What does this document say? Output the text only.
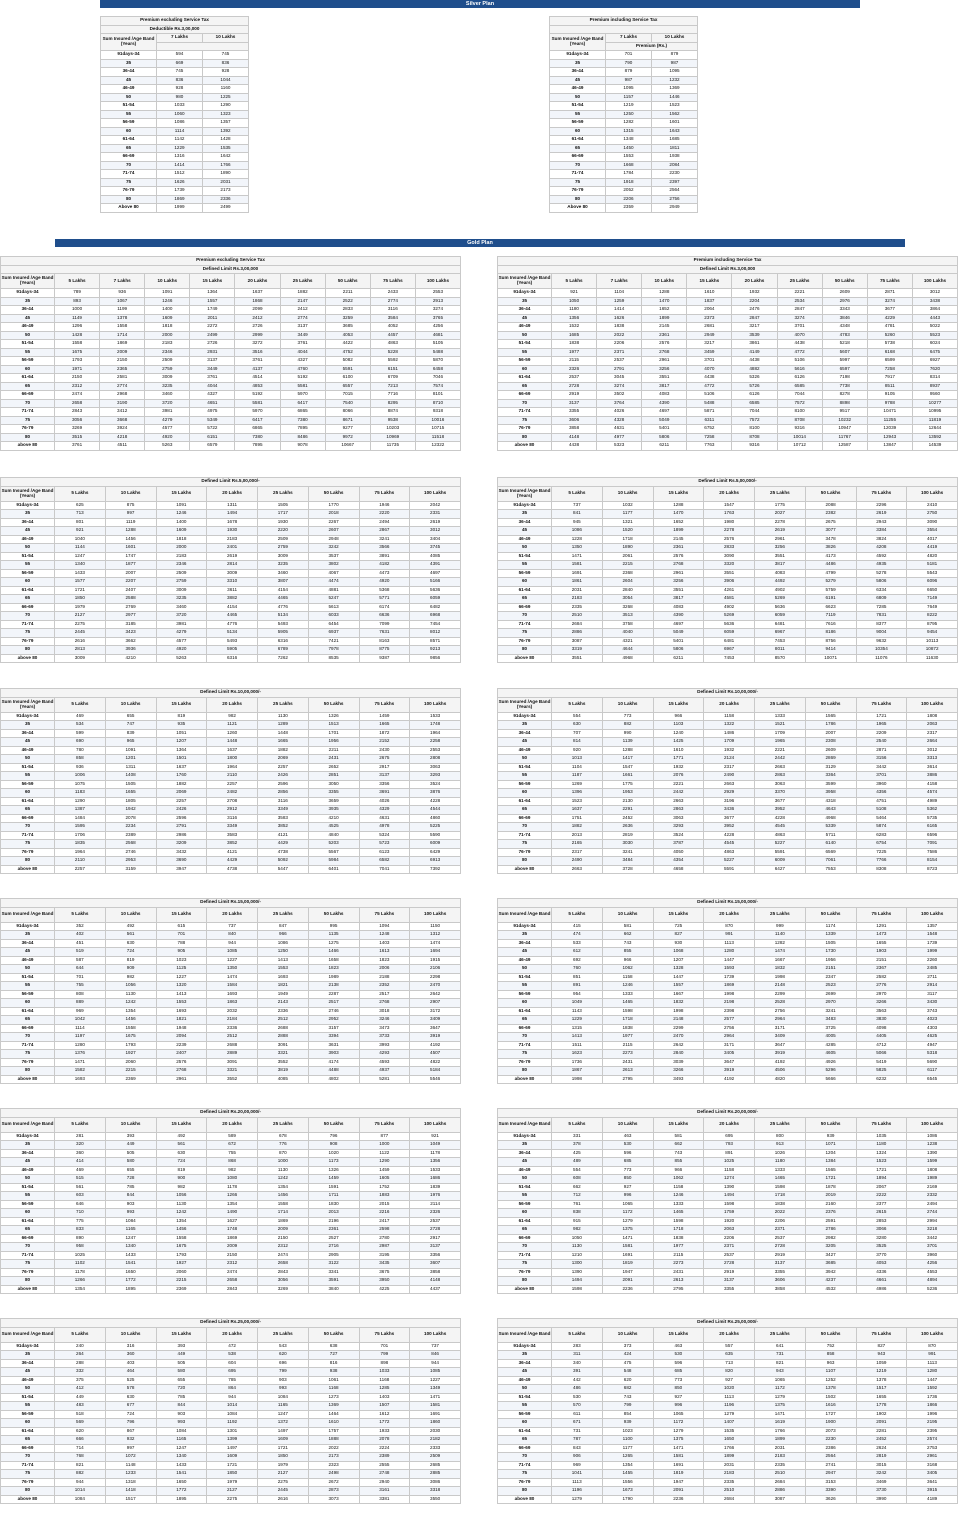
Silver Plan
Gold Plan
Premium excluding Service Tax		
Deductible Rs.3,00,000		
Sum Insured /Age Band (Years)	7 Lakhs	10 Lakhs

91days-34	594	745
35	669	836
36-44	745	928
45	836	1044
46-49	928	1160
50	980	1225
51-54	1033	1290
55	1060	1323
56-59	1086	1357
60	1114	1392
61-64	1142	1428
65	1229	1535
66-69	1316	1642
70	1414	1766
71-74	1512	1890
75	1626	2031
76-79	1739	2173
80	1869	2336
Above 80	1999	2499
Premium including Service Tax		

Sum Insured /Age Band (Years)	7 Lakhs	10 Lakhs
	Premium (Rs.)	
91days-34	701	879
35	790	987
36-44	879	1095
45	987	1232
46-49	1095	1369
50	1157	1446
51-54	1219	1523
55	1250	1562
56-59	1282	1601
60	1315	1643
61-64	1348	1685
65	1450	1811
66-69	1553	1938
70	1668	2084
71-74	1784	2230
75	1918	2397
76-79	2052	2564
80	2206	2756
Above 80	2359	2949
Premium excluding Service Tax									
Defined Limit Rs.3,00,000									
Sum Insured /Age Band (Years)	5 Lakhs	7 Lakhs	10 Lakhs	15 Lakhs	20 Lakhs	25 Lakhs	50 Lakhs	75 Lakhs	100 Lakhs
91days-34	789	936	1091	1364	1637	1882	2211	2433	2553
35	893	1067	1246	1557	1868	2147	2522	2774	2913
36-44	1000	1199	1400	1749	2099	2412	2833	3116	3274
45	1149	1378	1609	2011	2412	2774	3259	3584	3765
46-49	1296	1558	1818	2272	2726	3137	3685	4052	4256
50	1428	1714	2000	2499	2999	3449	4053	4457	4681
51-54	1558	1869	2183	2726	3272	3761	4422	4863	5105
55	1675	2009	2346	2931	3516	4044	4752	5228	5488
56-59	1793	2150	2509	3137	3761	4327	5082	5592	5870
60	1971	2365	2759	3449	4137	4760	5591	6151	6458
61-64	2150	2581	3009	3761	4514	5192	6100	6709	7046
65	2312	2774	3235	4044	4853	5581	6557	7213	7574
66-69	2474	2968	3460	4327	5192	5970	7015	7716	8101
70	2658	3190	3720	4651	5581	6417	7540	8295	8710
71-74	2843	3412	3981	4975	5970	6865	8066	8874	9318
75	3056	3668	4279	5349	6417	7380	8671	9538	10016
76-79	3269	3924	4577	5722	6865	7895	9277	10203	10715
80	3515	4218	4920	6151	7380	8486	9972	10969	11518
above 80	3761	4511	5263	6579	7895	9078	10667	11735	12322
Premium including Service Tax									
Defined Limit Rs.3,00,000									
Sum Insured /Age Band (Years)	5 Lakhs	7 Lakhs	10 Lakhs	15 Lakhs	20 Lakhs	25 Lakhs	50 Lakhs	75 Lakhs	100 Lakhs
91days-34	921	1104	1288	1610	1932	2221	2609	2871	3012
35	1050	1259	1470	1837	2204	2534	2976	3274	3438
36-44	1180	1414	1652	2064	2476	2847	3343	3677	3864
45	1356	1626	1899	2373	2847	3274	3846	4229	4443
46-49	1532	1838	2145	2681	3217	3701	4348	4781	5022
50	1685	2022	2361	2949	3539	4070	4783	5260	5523
51-54	1838	2206	2576	3217	3861	4438	5218	5738	6024
55	1977	2371	2768	3459	4149	4772	5607	6168	6475
56-59	2115	2537	2961	3701	4438	5106	5997	6599	6927
60	2326	2791	3256	4070	4882	5616	6597	7258	7620
61-64	2537	3045	3551	4438	5326	6126	7198	7917	8314
65	2728	3274	3817	4772	5726	6585	7738	8511	8937
66-69	2919	3502	4083	5106	6126	7044	8278	9105	9560
70	3137	3764	4390	5488	6585	7572	8898	9788	10277
71-74	3355	4026	4697	5871	7044	8100	9517	10471	10995
75	3606	4328	5049	6311	7572	8708	10232	11255	11819
76-79	3858	4631	5401	6752	8100	9316	10947	12039	12644
80	4148	4977	5806	7258	8708	10014	11767	12943	13592
above 80	4438	5323	6211	7763	9316	10712	12587	13847	14539
Defined Limit Rs.5,00,000/-								
Sum Insured /Age Band (Years)	5 Lakhs	10 Lakhs	15 Lakhs	20 Lakhs	25 Lakhs	50 Lakhs	75 Lakhs	100 Lakhs
91days-34	625	875	1091	1311	1505	1770	1946	2042
35	713	997	1246	1494	1717	2018	2220	2331
36-44	801	1119	1400	1678	1930	2267	2494	2619
45	921	1288	1609	1930	2220	2607	2867	3012
46-49	1040	1456	1818	2183	2509	2948	3241	3404
50	1144	1601	2000	2401	2759	3242	3566	3745
51-54	1247	1747	2183	2619	3009	3537	3891	4085
55	1340	1877	2346	2814	3235	3802	4182	4391
56-59	1433	2007	2509	3009	3460	4067	4473	4697
60	1577	2207	2759	3310	3807	4474	4920	5166
61-64	1721	2407	3009	3611	4154	4881	5368	5636
65	1850	2588	3235	3882	4465	5247	5771	6059
66-69	1979	2769	3460	4154	4776	5613	6174	6482
70	2127	2977	3720	4465	5134	6033	6636	6968
71-74	2275	3185	3981	4776	5493	6454	7099	7454
75	2445	3423	4279	5134	5905	6937	7631	8012
76-79	2616	3662	4577	5493	6316	7421	8163	8571
80	2813	3936	4920	5905	6789	7978	8775	9213
above 80	3009	4210	5263	6316	7262	8535	9387	9856
Defined Limit Rs.5,00,000/-								
Sum Insured /Age Band (Years)	5 Lakhs	10 Lakhs	15 Lakhs	20 Lakhs	25 Lakhs	50 Lakhs	75 Lakhs	100 Lakhs
91days-34	737	1032	1288	1547	1775	2088	2296	2410
35	841	1177	1470	1763	2027	2382	2619	2750
36-44	945	1321	1652	1980	2278	2675	2943	3090
45	1086	1520	1899	2278	2619	3077	3384	3554
46-49	1228	1718	2145	2576	2961	3478	3824	4017
50	1350	1890	2361	2833	3256	3826	4208	4419
51-54	1471	2061	2576	3090	3551	4173	4592	4820
55	1581	2215	2768	3320	3817	4486	4935	5181
56-59	1691	2368	2961	3551	4083	4799	5278	5543
60	1861	2604	3256	3906	4492	5279	5806	6096
61-64	2031	2840	3551	4261	4902	5759	6334	6650
65	2183	3054	3817	4581	5269	6191	6809	7149
66-69	2335	3268	4083	4902	5636	6623	7285	7649
70	2510	3513	4390	5269	6059	7119	7831	8222
71-74	2684	3758	4697	5636	6481	7616	8377	8795
75	2886	4040	5049	6059	6967	8186	9004	9454
76-79	3087	4321	5401	6481	7453	8756	9632	10113
80	3319	4644	5806	6967	8011	9414	10354	10872
above 80	3551	4968	6211	7453	8570	10071	11076	11630
Defined Limit Rs.10,00,000/-								
Sum Insured /Age Band (Years)	5 Lakhs	10 Lakhs	15 Lakhs	20 Lakhs	25 Lakhs	50 Lakhs	75 Lakhs	100 Lakhs
91days-34	469	655	819	982	1130	1326	1459	1533
35	534	747	935	1121	1289	1513	1665	1748
36-44	599	839	1051	1260	1448	1701	1872	1964
45	690	965	1207	1448	1665	1956	2152	2258
46-49	780	1091	1364	1637	1882	2211	2430	2553
50	858	1201	1501	1800	2069	2431	2675	2808
51-54	936	1311	1637	1964	2257	2652	2917	3063
55	1006	1408	1760	2110	2426	2851	3137	3293
56-59	1075	1505	1882	2257	2596	3050	3356	3524
60	1183	1655	2069	2482	2856	3355	3691	3876
61-64	1290	1805	2257	2708	3116	3659	4026	4228
65	1387	1942	2426	2912	3349	3935	4329	4544
66-69	1484	2078	2596	3116	3583	4210	4631	4860
70	1595	2234	2791	3349	3852	4525	4978	5225
71-74	1706	2389	2986	3583	4121	4840	5324	5590
75	1835	2568	3209	3852	4429	5203	5723	6009
76-79	1964	2746	3432	4121	4738	5567	6123	6429
80	2110	2953	3690	4429	5092	5984	6582	6913
above 80	2257	3159	3947	4738	5447	6401	7041	7392
Defined Limit Rs.10,00,000/-								
Sum Insured /Age Band (Years)	5 Lakhs	10 Lakhs	15 Lakhs	20 Lakhs	25 Lakhs	50 Lakhs	75 Lakhs	100 Lakhs
91days-34	554	773	966	1158	1333	1565	1721	1808
35	630	882	1103	1322	1521	1786	1965	2063
36-44	707	990	1240	1486	1709	2007	2209	2317
45	814	1139	1425	1709	1965	2308	2540	2664
46-49	920	1288	1610	1932	2221	2609	2871	3012
50	1013	1417	1771	2124	2442	2869	3156	3313
51-54	1104	1547	1932	2317	2663	3129	3442	3614
55	1187	1661	2076	2490	2863	3364	3701	3886
56-59	1269	1775	2221	2663	3063	3599	3960	4158
60	1396	1953	2442	2929	3370	3958	4356	4574
61-64	1523	2130	2663	3196	3677	4318	4751	4989
65	1637	2291	2863	3436	3952	4643	5108	5362
66-69	1751	2452	3063	3677	4228	4968	5464	5735
70	1882	2636	3293	3952	4545	5339	5874	6165
71-74	2013	2819	3524	4228	4863	5711	6283	6596
75	2165	3030	3787	4545	5227	6140	6754	7091
76-79	2317	3241	4050	4863	5591	6569	7225	7586
80	2490	3484	4354	5227	6009	7061	7766	8154
above 80	2663	3728	4658	5591	6427	7553	8308	8723
Defined Limit Rs.15,00,000/-								
Sum Insured /Age Band	5 Lakhs	10 Lakhs	15 Lakhs	20 Lakhs	25 Lakhs	50 Lakhs	75 Lakhs	100 Lakhs
91days-34	352	492	615	737	847	995	1094	1150
35	402	561	701	840	966	1135	1248	1312
36-44	451	630	788	944	1086	1275	1403	1474
45	519	724	905	1085	1250	1466	1613	1694
46-49	587	819	1023	1227	1413	1658	1823	1915
50	644	909	1125	1350	1553	1823	2006	2106
51-54	701	982	1227	1474	1693	1989	2188	2298
55	755	1056	1320	1584	1821	2138	2352	2470
56-59	808	1130	1413	1693	1949	2287	2517	2642
60	889	1242	1553	1863	2143	2517	2768	2907
61-64	969	1354	1693	2032	2336	2746	3018	3172
65	1042	1456	1821	2184	2512	2952	3246	3409
66-69	1114	1558	1948	2336	2688	3157	3473	3647
70	1197	1675	2094	2512	2888	3394	3733	3919
71-74	1280	1793	2239	2688	3091	3631	3993	4192
75	1376	1927	2407	2889	3321	3903	4293	4507
76-79	1471	2060	2576	3091	3552	4174	4593	4822
80	1582	2215	2768	3321	3819	4488	4937	5184
above 80	1693	2369	2961	3552	4085	4802	5281	5546
Defined Limit Rs.15,00,000/-								
Sum Insured /Age Band	5 Lakhs	10 Lakhs	15 Lakhs	20 Lakhs	25 Lakhs	50 Lakhs	75 Lakhs	100 Lakhs
91days-34	415	581	725	870	999	1174	1291	1357
35	474	662	827	991	1140	1339	1473	1548
36-44	533	743	930	1113	1282	1505	1655	1739
45	612	855	1068	1280	1474	1730	1903	1999
46-49	692	966	1207	1447	1667	1956	2151	2260
50	760	1062	1328	1593	1832	2151	2367	2485
51-54	851	1158	1447	1739	1998	2347	2582	2711
55	891	1246	1557	1869	2148	2523	2776	2914
56-59	954	1333	1667	1998	2299	2699	2970	3117
60	1049	1465	1832	2198	2528	2970	3266	3430
61-64	1143	1598	1998	2398	2756	3241	3563	3743
65	1229	1718	2148	2577	2964	3483	3830	4023
66-69	1315	1838	2299	2756	3171	3725	4098	4303
70	1413	1977	2470	2964	3409	4005	4405	4625
71-74	1511	2115	2642	3171	3647	4285	4712	4947
75	1623	2273	2840	3405	3919	4605	5066	5318
76-79	1736	2431	3039	3647	4192	4926	5419	5690
80	1867	2613	3266	3919	4506	5296	5825	6117
above 80	1998	2795	3493	4192	4820	5666	6232	6545
Defined Limit Rs.20,00,000/-								
Sum Insured /Age Band	5 Lakhs	10 Lakhs	15 Lakhs	20 Lakhs	25 Lakhs	50 Lakhs	75 Lakhs	100 Lakhs
91days-34	281	393	492	589	678	796	877	921
35	320	449	561	672	776	908	1000	1049
36-44	360	505	630	755	870	1020	1122	1178
45	414	580	724	868	1000	1173	1290	1356
46-49	469	655	819	982	1130	1326	1459	1533
50	515	728	900	1080	1242	1459	1605	1686
51-54	561	785	982	1178	1354	1591	1752	1839
55	603	844	1056	1266	1456	1711	1883	1976
56-59	646	903	1130	1354	1558	1830	2015	2114
60	710	993	1242	1490	1714	2013	2216	2326
61-64	775	1084	1354	1627	1869	2196	2417	2537
65	833	1165	1456	1748	2009	2361	2598	2728
66-69	890	1247	1558	1869	2150	2527	2780	2917
70	958	1340	1675	2009	2312	2716	2987	3137
71-74	1025	1433	1793	2150	2474	2905	3195	3356
75	1102	1541	1927	2312	2658	3122	3435	3607
76-79	1178	1650	2060	2474	2843	3341	3675	3858
80	1266	1772	2215	2658	3056	3591	3950	4148
above 80	1354	1895	2369	2843	3269	3840	4225	4437
Defined Limit Rs.20,00,000/-								
Sum Insured /Age Band	5 Lakhs	10 Lakhs	15 Lakhs	20 Lakhs	25 Lakhs	50 Lakhs	75 Lakhs	100 Lakhs
91days-34	331	463	581	695	800	939	1035	1086
35	378	530	662	793	913	1071	1180	1238
36-44	425	596	743	891	1026	1204	1324	1390
45	489	685	855	1025	1180	1384	1523	1599
46-49	554	773	966	1158	1333	1565	1721	1808
50	608	850	1062	1274	1465	1721	1894	1989
51-54	662	927	1158	1390	1598	1878	2067	2169
55	712	996	1246	1494	1718	2019	2222	2332
56-59	761	1065	1333	1598	1838	2160	2377	2494
60	838	1172	1465	1759	2022	2376	2615	2744
61-64	915	1279	1598	1920	2206	2591	2853	2994
65	982	1375	1718	2063	2371	2786	3066	3218
66-69	1050	1471	1838	2206	2537	2982	3280	3442
70	1130	1581	1977	2371	2728	3205	3525	3701
71-74	1210	1691	2115	2537	2919	3427	3770	3960
75	1300	1819	2273	2728	3137	3685	4053	4256
76-79	1390	1947	2431	2919	3355	3942	4336	4553
80	1494	2091	2613	3137	3606	4237	4661	4894
above 80	1598	2236	2795	3355	3858	4532	4986	5236
Defined Limit Rs.25,00,000/-								
Sum Insured /Age Band	5 Lakhs	10 Lakhs	15 Lakhs	20 Lakhs	25 Lakhs	50 Lakhs	75 Lakhs	100 Lakhs
91days-34	240	316	393	472	543	638	701	737
35	264	360	449	538	620	727	799	846
36-44	288	403	505	604	696	816	898	944
45	332	464	580	695	799	938	1033	1085
46-49	375	525	655	785	903	1061	1168	1227
50	412	578	720	864	993	1168	1285	1349
51-54	449	630	785	944	1084	1273	1403	1471
55	483	677	844	1014	1165	1369	1507	1581
56-59	518	724	903	1084	1247	1464	1612	1691
60	569	796	993	1192	1372	1610	1772	1860
61-64	620	867	1084	1301	1497	1757	1933	2030
65	666	932	1165	1399	1609	1888	2078	2182
66-69	714	997	1247	1497	1721	2022	2224	2333
70	768	1072	1340	1609	1850	2173	2389	2509
71-74	821	1148	1433	1721	1979	2323	2555	2685
75	882	1233	1541	1850	2127	2498	2748	2885
76-79	944	1318	1650	1979	2275	2672	2940	3086
80	1014	1418	1772	2127	2445	2873	3161	3318
above 80	1084	1517	1895	2275	2616	3073	3381	3550
Defined Limit Rs.25,00,000/-								
Sum Insured /Age Band	5 Lakhs	10 Lakhs	15 Lakhs	20 Lakhs	25 Lakhs	50 Lakhs	75 Lakhs	100 Lakhs
91days-34	283	373	463	557	641	752	827	870
35	311	424	530	635	731	858	943	991
36-44	340	475	596	713	821	963	1059	1113
45	391	548	685	820	943	1107	1219	1280
46-49	442	620	773	927	1065	1252	1378	1447
50	486	682	850	1020	1172	1378	1517	1592
51-54	530	743	927	1113	1279	1502	1655	1736
55	570	799	996	1196	1375	1616	1778	1866
56-59	611	854	1065	1279	1471	1727	1902	1996
60	671	939	1172	1407	1619	1900	2091	2195
61-64	731	1023	1279	1535	1766	2073	2281	2395
65	787	1100	1375	1650	1899	2230	2452	2574
66-69	843	1177	1471	1766	2031	2386	2624	2753
70	906	1265	1581	1899	2183	2564	2819	2961
71-74	969	1354	1691	2031	2335	2741	3015	3168
75	1041	1455	1819	2183	2510	2947	3242	3405
76-79	1113	1556	1947	2335	2684	3153	3469	3641
80	1196	1673	2091	2510	2886	3390	3730	3915
above 80	1279	1790	2236	2684	3087	3626	3990	4189
